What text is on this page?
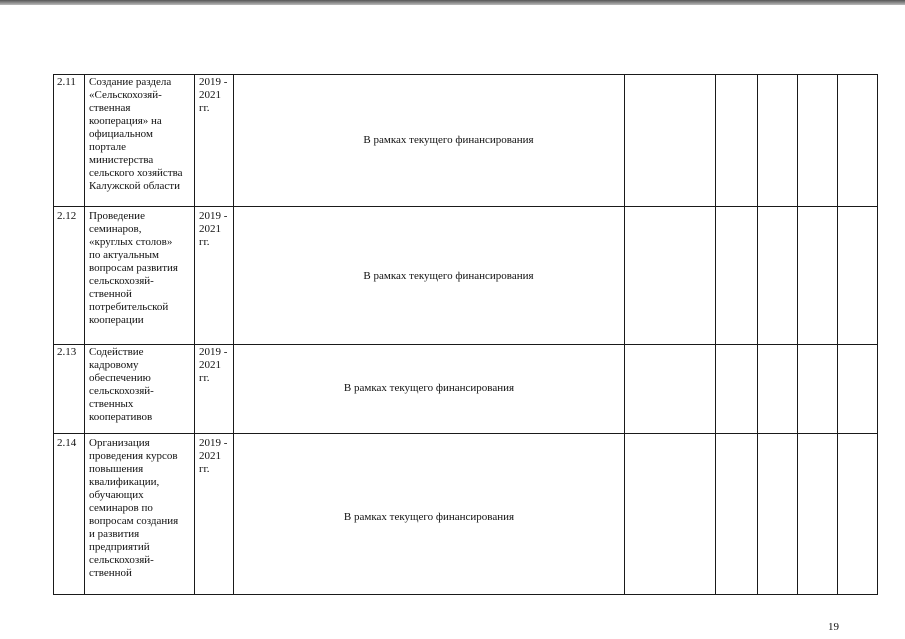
2.11 Создание раздела
«Сельскохозяй-
ственная
кооперация» на
официальном
портале
министерства
сельского хозяйства
Калужской области
2019 -
2021
гг.
В рамках текущего финансирования
2.12 Проведение
семинаров,
«круглых столов»
по актуальным
вопросам развития
сельскохозяй-
ственной
потребительской
кооперации
2019 -
2021
гг.
В рамках текущего финансирования
2.13 Содействие
кадровому
обеспечению
сельскохозяй-
ственных
кооперативов
2019 -
2021
гг.
В рамках текущего финансирования
2.14 Организация
проведения курсов
повышения
квалификации,
обучающих
семинаров по
вопросам создания
и развития
предприятий
сельскохозяй-
ственной
2019 -
2021
гг.
В рамках текущего финансирования
19
